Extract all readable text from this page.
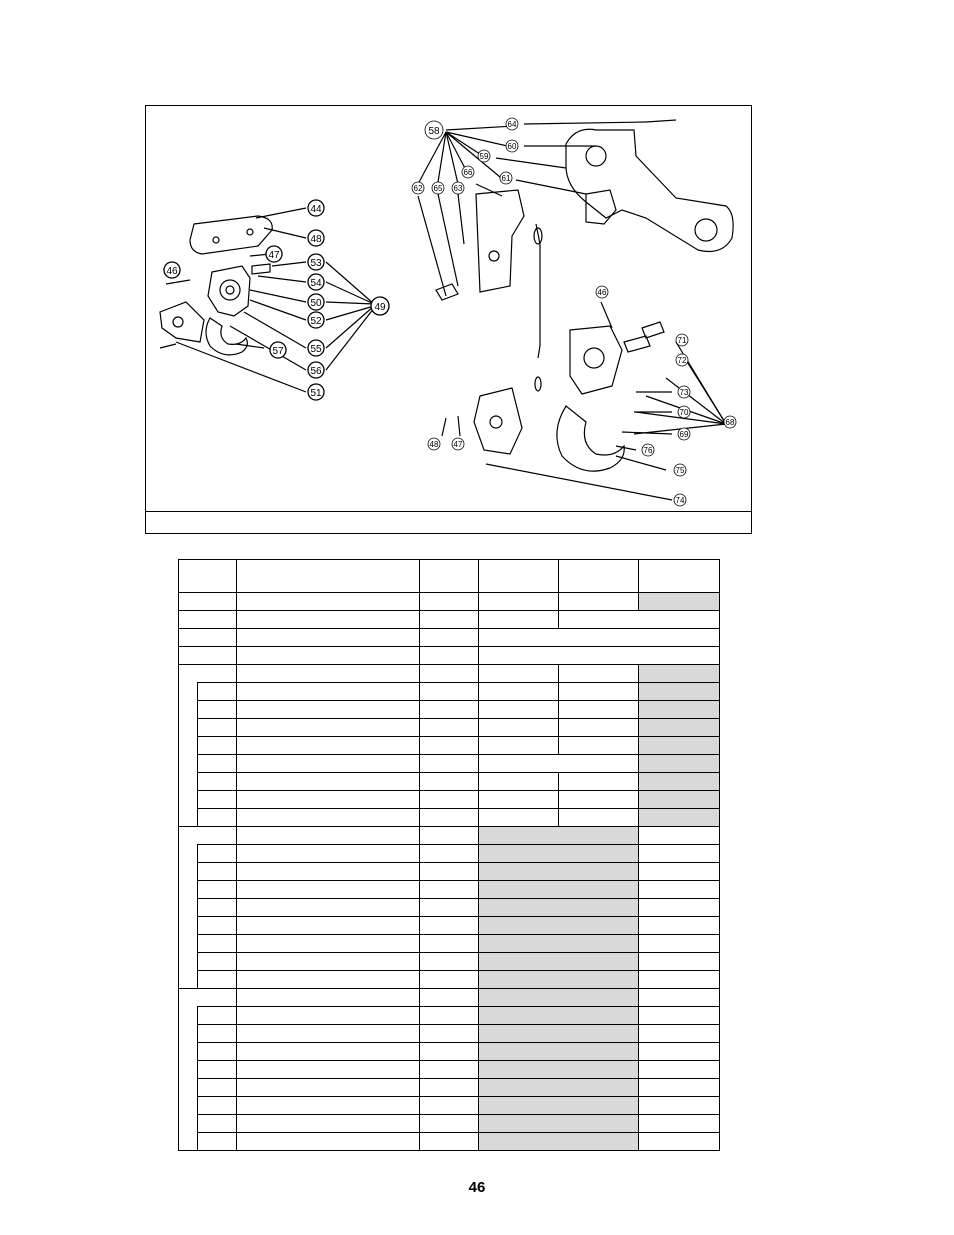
44
48
47
46
53
54
50
52
55
56
57
51
49
58
64
60
59
66
61
62 65 63
46
71
72
73
70
69
68
76
75
74
48 47

46
